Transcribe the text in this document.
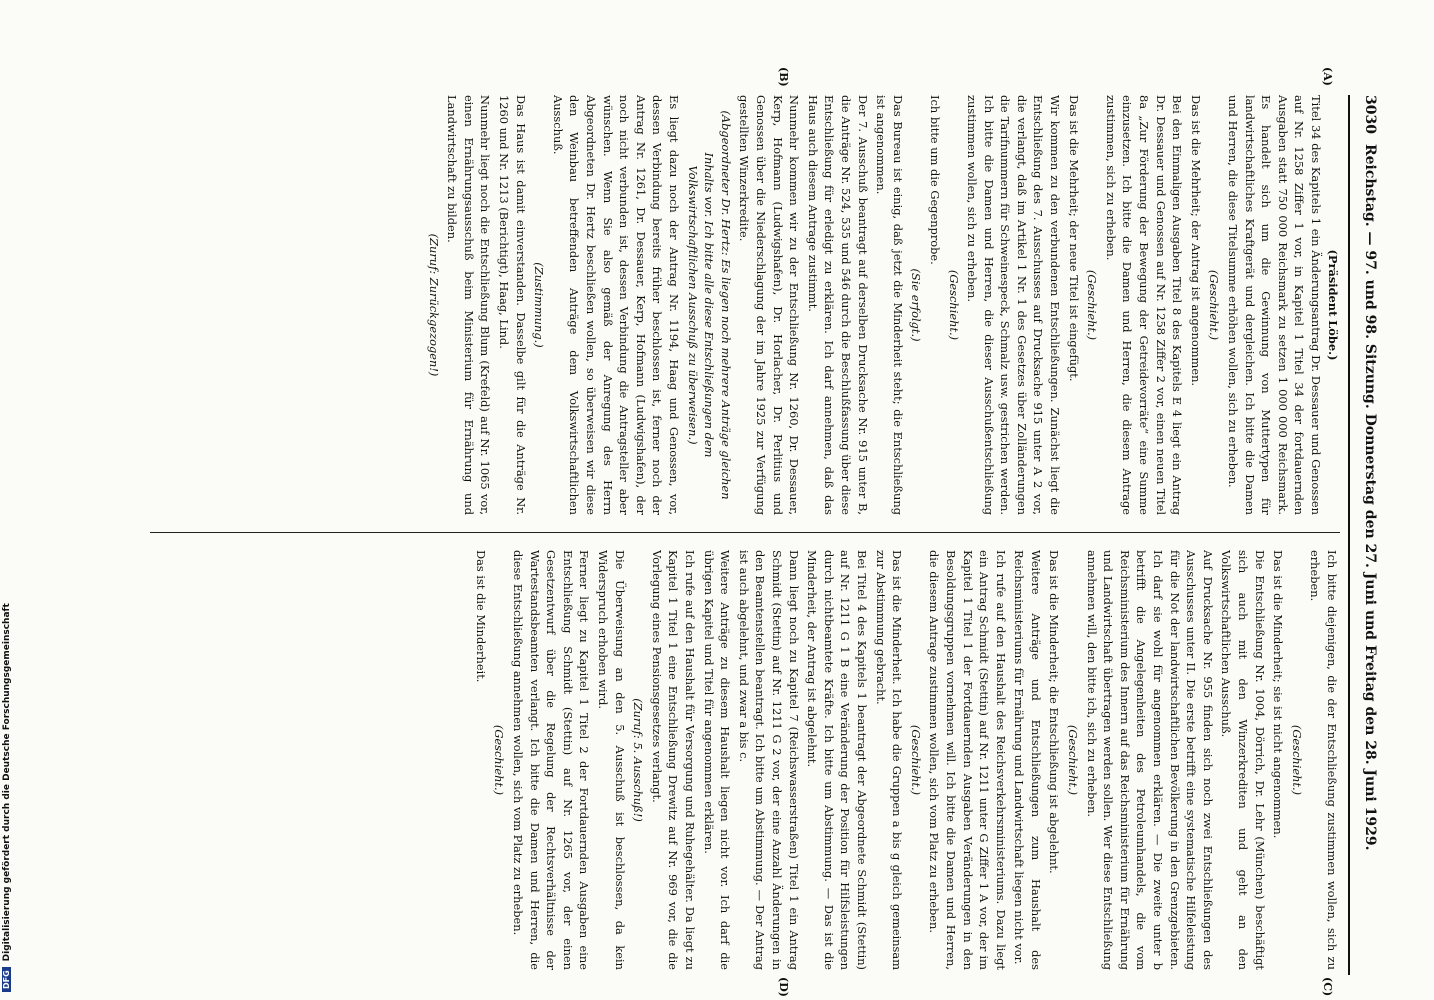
3030
Reichstag. — 97. und 98. Sitzung. Donnerstag den 27. Juni und Freitag den 28. Juni 1929.
(Präsident Löbe.)

Titel 34 des Kapitels 1 ein Änderungsantrag Dr. Dessauer und Genossen auf Nr. 1258 Ziffer 1 vor, in Kapitel 1 Titel 34 der fortdauernden Ausgaben statt 750 000 Reichsmark zu setzen 1 000 000 Reichsmark. Es handelt sich um die Gewinnung von Muttertypen für landwirtschaftliches Kraftgerät und dergleichen. Ich bitte die Damen und Herren, die diese Titelsumme erhöhen wollen, sich zu erheben.

(Geschieht.)

Das ist die Mehrheit; der Antrag ist angenommen.

Bei den Einmaligen Ausgaben Titel 8 des Kapitels E 4 liegt ein Antrag Dr. Dessauer und Genossen auf Nr. 1258 Ziffer 2 vor, einen neuen Titel 8a „Zur Förderung der Bewegung der Getreidevorräte“ eine Summe einzusetzen. Ich bitte die Damen und Herren, die diesem Antrage zustimmen, sich zu erheben.

(Geschieht.)

Das ist die Mehrheit; der neue Titel ist eingefügt.

Wir kommen zu den verbundenen Entschließungen. Zunächst liegt die Entschließung des 7. Ausschusses auf Drucksache 915 unter A 2 vor, die verlangt, daß im Artikel 1 Nr. 1 des Gesetzes über Zolländerungen die Tarifnummern für Schweinespeck, Schmalz usw. gestrichen werden. Ich bitte die Damen und Herren, die dieser Ausschußentschließung zustimmen wollen, sich zu erheben.

(Geschieht.)

Ich bitte um die Gegenprobe.

(Sie erfolgt.)

Das Bureau ist einig, daß jetzt die Minderheit steht; die Entschließung ist angenommen.

Der 7. Ausschuß beantragt auf derselben Drucksache Nr. 915 unter B, die Anträge Nr. 524, 535 und 546 durch die Beschlußfassung über diese Entschließung für erledigt zu erklären. Ich darf annehmen, daß das Haus auch diesem Antrage zustimmt.

Nunmehr kommen wir zu der Entschließung Nr. 1260, Dr. Dessauer, Kerp, Hofmann (Ludwigshafen), Dr. Horlacher, Dr. Perlitius und Genossen über die Niederschlagung der im Jahre 1925 zur Verfügung gestellten Winzerkredite.

(Abgeordneter Dr. Hertz: Es liegen noch mehrere Anträge gleichen Inhalts vor. Ich bitte alle diese Entschließungen dem Volkswirtschaftlichen Ausschuß zu überweisen.)

Es liegt dazu noch der Antrag Nr. 1194, Haag und Genossen, vor, dessen Verbindung bereits früher beschlossen ist, ferner noch der Antrag Nr. 1261, Dr. Dessauer, Kerp, Hofmann (Ludwigshafen), der noch nicht verbunden ist, dessen Verbindung die Antragsteller aber wünschen. Wenn Sie also gemäß der Anregung des Herrn Abgeordneten Dr. Hertz beschließen wollen, so überweisen wir diese den Weinbau betreffenden Anträge dem Volkswirtschaftlichen Ausschuß.

(Zustimmung.)

Das Haus ist damit einverstanden. Dasselbe gilt für die Anträge Nr. 1260 und Nr. 1213 (Berichtigt), Haag, Lind.

Nunmehr liegt noch die Entschließung Blum (Krefeld) auf Nr. 1065 vor, einen Ernährungsausschuß beim Ministerium für Ernährung und Landwirtschaft zu bilden.

(Zuruf: Zurückgezogen!)

Ich bitte diejenigen, die der Entschließung zustimmen wollen, sich zu erheben.

(Geschieht.)

Das ist die Minderheit; sie ist nicht angenommen.

Die Entschließung Nr. 1004, Dörrich, Dr. Lehr (München) beschäftigt sich auch mit den Winzerkrediten und geht an den Volkswirtschaftlichen Ausschuß.

Auf Drucksache Nr. 955 finden sich noch zwei Entschließungen des Ausschusses unter II. Die erste betrifft eine systematische Hilfeleistung für die Not der landwirtschaftlichen Bevölkerung in den Grenzgebieten. Ich darf sie wohl für angenommen erklären. — Die zweite unter b betrifft die Angelegenheiten des Petroleumhandels, die vom Reichsministerium des Innern auf das Reichsministerium für Ernährung und Landwirtschaft übertragen werden sollen. Wer diese Entschließung annehmen will, den bitte ich, sich zu erheben.

(Geschieht.)

Das ist die Minderheit; die Entschließung ist abgelehnt.

Weitere Anträge und Entschließungen zum Haushalt des Reichsministeriums für Ernährung und Landwirtschaft liegen nicht vor.

Ich rufe auf den Haushalt des Reichsverkehrsministeriums. Dazu liegt ein Antrag Schmidt (Stettin) auf Nr. 1211 unter G Ziffer 1 A vor, der im Kapitel 1 Titel 1 der Fortdauernden Ausgaben Veränderungen in den Besoldungsgruppen vornehmen will. Ich bitte die Damen und Herren, die diesem Antrage zustimmen wollen, sich vom Platz zu erheben.

(Geschieht.)

Das ist die Minderheit. Ich habe die Gruppen a bis g gleich gemeinsam zur Abstimmung gebracht.

Bei Titel 4 des Kapitels 1 beantragt der Abgeordnete Schmidt (Stettin) auf Nr. 1211 G 1 B eine Veränderung der Position für Hilfsleistungen durch nichtbeamtete Kräfte. Ich bitte um Abstimmung. — Das ist die Minderheit, der Antrag ist abgelehnt.

Dann liegt noch zu Kapitel 7 (Reichswasserstraßen) Titel 1 ein Antrag Schmidt (Stettin) auf Nr. 1211 G 2 vor, der eine Anzahl Änderungen in den Beamtenstellen beantragt. Ich bitte um Abstimmung. — Der Antrag ist auch abgelehnt, und zwar a bis c.

Weitere Anträge zu diesem Haushalt liegen nicht vor. Ich darf die übrigen Kapitel und Titel für angenommen erklären.

Ich rufe auf den Haushalt für Versorgung und Ruhegehälter. Da liegt zu Kapitel 1 Titel 1 eine Entschließung Drewitz auf Nr. 969 vor, die die Vorlegung eines Pensionsgesetzes verlangt.

(Zuruf: 5. Ausschuß!)

Die Überweisung an den 5. Ausschuß ist beschlossen, da kein Widerspruch erhoben wird.

Ferner liegt zu Kapitel 1 Titel 2 der Fortdauernden Ausgaben eine Entschließung Schmidt (Stettin) auf Nr. 1265 vor, der einen Gesetzentwurf über die Regelung der Rechtsverhältnisse der Wartestandsbeamten verlangt. Ich bitte die Damen und Herren, die diese Entschließung annehmen wollen, sich vom Platz zu erheben.

(Geschieht.)

Das ist die Minderheit.

(A)
(B)
(C)
(D)
DFGDigitalisierung gefördert durch die Deutsche Forschungsgemeinschaft
